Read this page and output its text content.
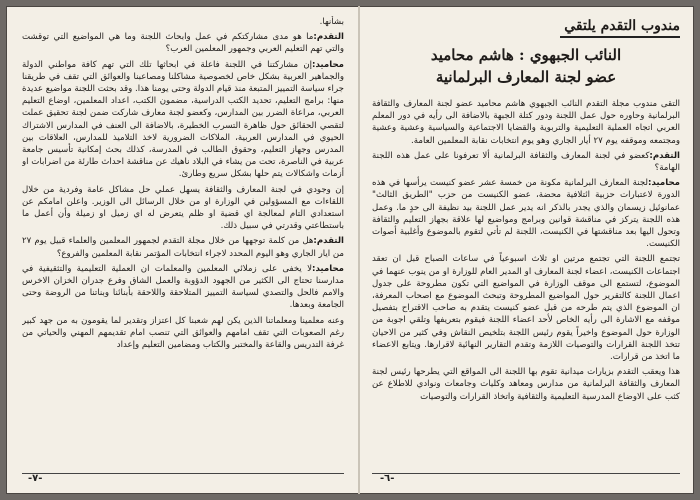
بشأنها.

التقدم:ما هو مدى مشاركتكم في عمل وابحاث اللجنة وما هي المواضيع التي توقشت والتي تهم التعليم العربي وجمهور المعلمين العرب؟

محاميد:إن مشاركتنا في اللجنة فاعلة في ابحاثها تلك التي تهم كافة مواطني الدولة والجماهير العربية بشكل خاص لخصوصية مشاكلنا ومصاعبنا والعوائق التي تقف في طريقنا جراء سياسة التمييز المتبعة منذ قيام الدولة وحتى يومنا هذا. وقد بحثت اللجنة مواضيع عديدة منها: برامج التعليم، تحديد الكتب الدراسية، مضمون الكتب، اعداد المعلمين، اوضاع التعليم العربي، مراعاة الضرر بين المدارس، وكعضو لجنة معارف شاركت ضمن لجنة تحقيق عملت لتقصي الحقائق حول ظاهرة التسرب الخطيرة، بالاضافة الى العنف في المدارس الاشتراك الحيوي في المدارس العربية، الملاكات الضرورية لاخذ التلاميذ للمدارس، العلاقات بين المدرس وجهاز التعليم، وحقوق الطالب في المدرسة، كذلك بحث إمكانية تأسيس جامعة عربية في الناصرة، تحت من يشاء في البلاد ناهيك عن مناقشة احداث طارئة من اضرابات او أزمات واشكالات يتم حلها بشكل سريع وطارئ.

إن وجودي في لجنة المعارف والثقافة يسهل عملي حل مشاكل عامة وفردية من خلال اللقاءات مع المسؤولين في الوزارة او من خلال الرسائل الى الوزير. واعلن امامكم عن استعدادي التام لمعالجة اي قضية او ظلم يتعرض له اي زميل او زميلة وأن أعمل ما باستطاعتي وقدرتي في سبيل ذلك.

التقدم:هل من كلمة توجهها من خلال مجلة التقدم لجمهور المعلمين والعلماء قبيل يوم ٢٧ من ايار الجاري وهو اليوم المحدد لاجراء انتخابات المؤتمر نقابة المعلمين والفروع؟

محاميد:لا يخفى على زملائي المعلمين والمعلمات ان العملية التعليمية والتثقيفية في مدارسنا تحتاج الى الكثير من الجهود الدؤوبة والعمل الشاق وفرع جدران الخزان الاخرس والامم فالحل والتصدي لسياسة التمييز المتلاحقة واللاحقة بأبنائنا وبناتنا من الروضة وحتى الجامعة وبعدها.

وعنه معلمينا ومعلماتنا الذين يكن لهم شعبنا كل اعتزاز وتقدير لما يقومون به من جهد كبير رغم الصعوبات التي تقف امامهم والعوائق التي تنصب امام تقديمهم المهني والحياتي من غرفة التدريس والقاعة والمختبر والكتاب ومضامين التعليم وإعداد

-٧-
مندوب التقدم يلتقي
النائب الجبهوي : هاشم محاميد
عضو لجنة المعارف البرلمانية

التقى مندوب مجلة التقدم النائب الجبهوي هاشم محاميد عضو لجنة المعارف والثقافة البرلمانية وحاوره حول عمل اللجنة ودور كتلة الجبهة بالاضافة الى رأيه في دور المعلم العربي اتجاه العملية التعليمية والتربوية والقضايا الاجتماعية والسياسية وعشية وعشية ومجتمعه وموقفه يوم ٢٧ أيار الجاري وهو يوم انتخابات نقابة المعلمين العامة.

التقدم:كعضو في لجنة المعارف والثقافة البرلمانية ألا تعرفونا على عمل هذه اللجنة الهامة؟

محاميد:لجنة المعارف البرلمانية مكونة من خمسة عشر عضو كنيست يرأسها في هذه الدورة لاعتبارات حزبية ائتلافية محضة، عضو الكنيست من حزب "الطريق الثالث" عمانوئيل زيسمان والذي يجدر بالذكر انه يدير عمل اللجنة بيد نظيفة الى حدٍ ما. وعمل هذه اللجنة يتركز في مناقشة قوانين وبرامج ومواضيع لها علاقة بجهاز التعليم والثقافة وتحول اليها بعد مناقشتها في الكنيست، اللجنة لم تأتي لتقوم بالموضوع وأغلبية أصوات الكنيست.

تجتمع اللجنة التي تجتمع مرتين او ثلاث اسبوعياً في ساعات الصباح قبل ان تعقد اجتماعات الكنيست، اعضاء لجنة المعارف او المدير العام للوزارة او من ينوب عنهما في الموضوع، لتستمع الى موقف الوزارة في المواضيع التي تكون مطروحة على جدول اعمال اللجنة كالتقرير حول المواضيع المطروحة وتبحث الموضوع مع اصحاب المعرفة، ان الموضوع الذي يتم طرحه من قبل عضو كنيست يتقدم به صاحب الاقتراح بتفصيل موقفه مع الاشارة الى رأيه الخاص لأحد اعضاء اللجنة فيقوم بتعريفها وتلقي اجوبة من الوزارة حول الموضوع واخيراً يقوم رئيس اللجنة بتلخيص النقاش وفي كثير من الاحيان تتخذ اللجنة القرارات والتوصيات اللازمة وتقدم التقارير النهائية لاقرارها. ويتابع الاعضاء ما اتخذ من قرارات.

هذا ويعقب التقدم بزيارات ميدانية تقوم بها اللجنة الى المواقع التي يطرحها رئيس لجنة المعارف والثقافة البرلمانية من مدارس ومعاهد وكليات وجامعات ونوادي للاطلاع عن كثب على الاوضاع المدرسية التعليمية والثقافية واتخاذ القرارات والتوصيات

-٦-
